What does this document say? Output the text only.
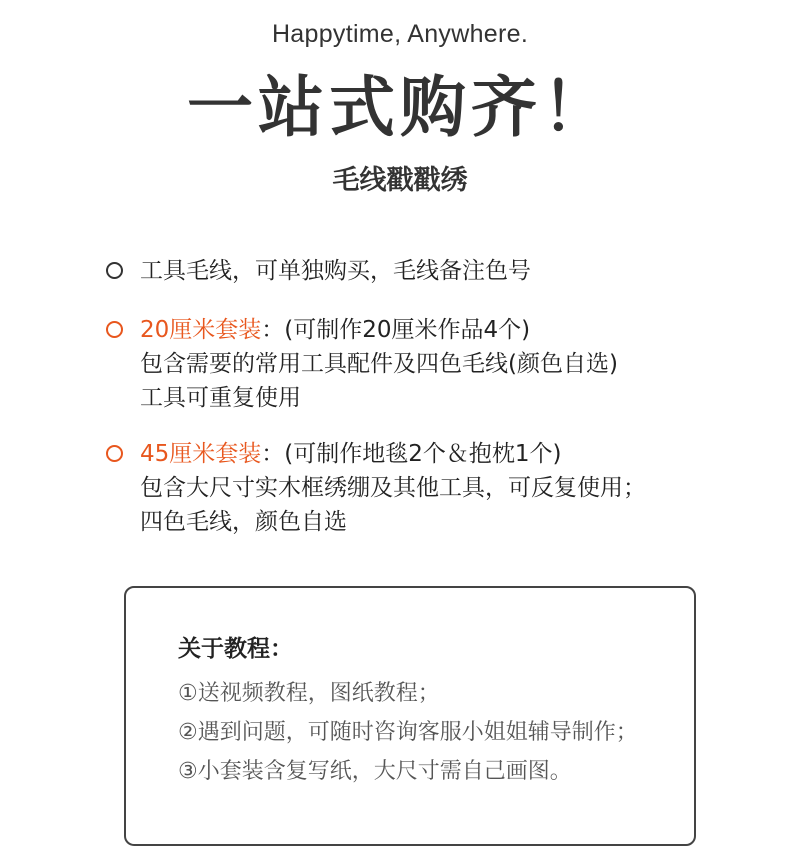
Happytime, Anywhere.
一站式购齐！
毛线戳戳绣
工具毛线，可单独购买，毛线备注色号
20厘米套装：(可制作20厘米作品4个)
包含需要的常用工具配件及四色毛线(颜色自选)
工具可重复使用
45厘米套装：(可制作地毯2个＆抱枕1个)
包含大尺寸实木框绣绷及其他工具，可反复使用；
四色毛线，颜色自选
关于教程：
①送视频教程，图纸教程；
②遇到问题，可随时咨询客服小姐姐辅导制作；
③小套装含复写纸，大尺寸需自己画图。
